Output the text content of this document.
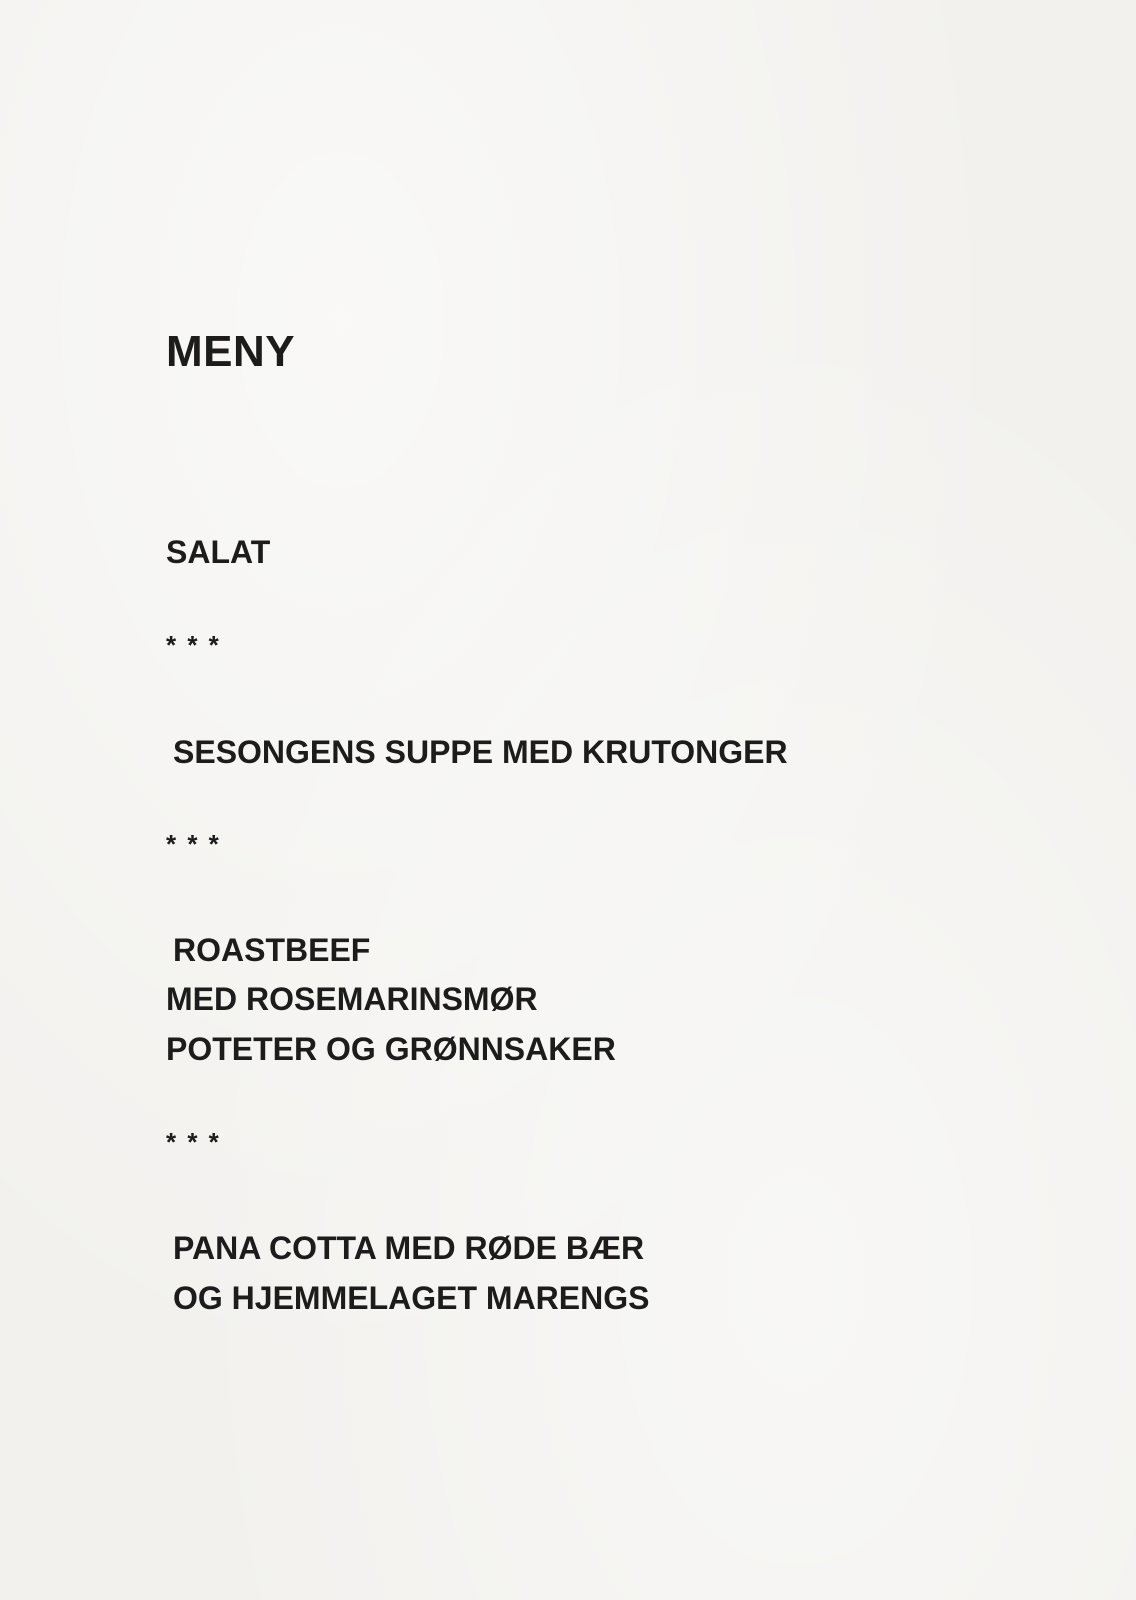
MENY
SALAT
* * *
SESONGENS SUPPE MED KRUTONGER
* * *
ROASTBEEF
MED ROSEMARINSMØR
POTETER OG GRØNNSAKER
* * *
PANA COTTA MED RØDE BÆR
OG HJEMMELAGET MARENGS
